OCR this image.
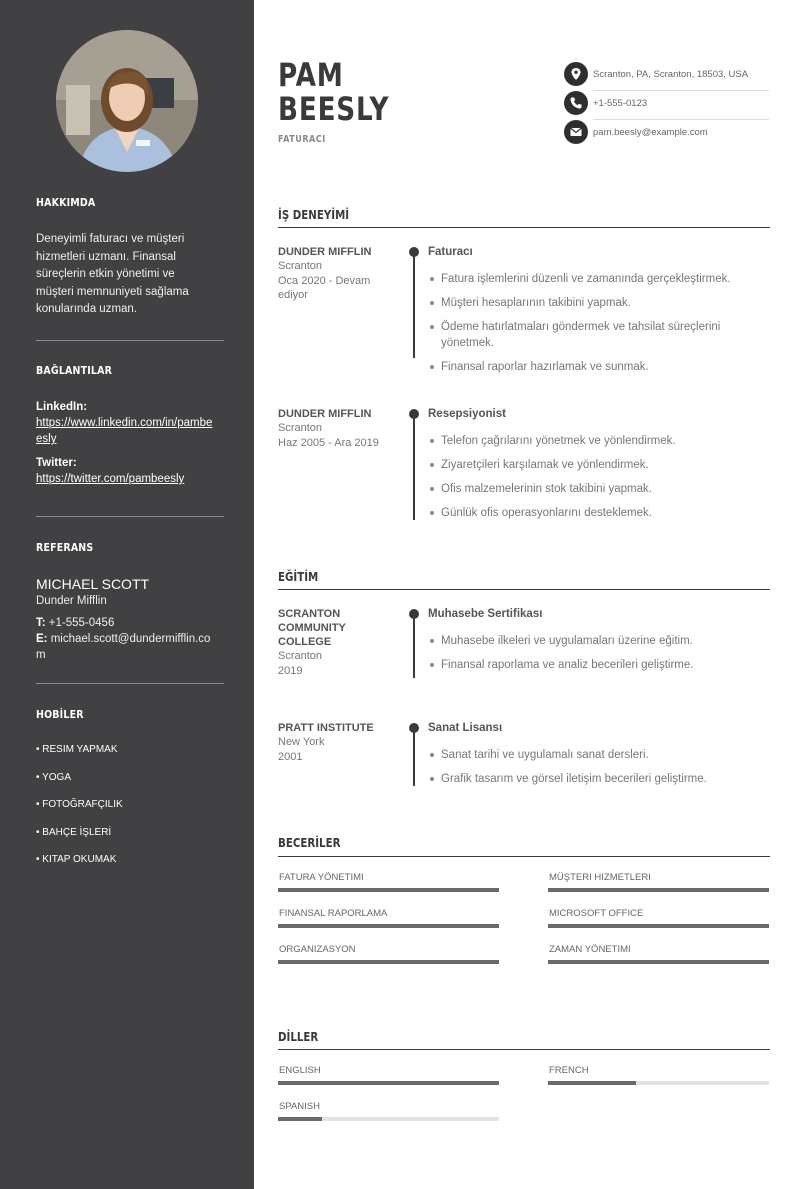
HAKKIMDA
Deneyimli faturacı ve müşteri hizmetleri uzmanı. Finansal süreçlerin etkin yönetimi ve müşteri memnuniyeti sağlama konularında uzman.
BAĞLANTILAR
LinkedIn:
https://www.linkedin.com/in/pambeesly
Twitter:
https://twitter.com/pambeesly
REFERANS
MICHAEL SCOTT
Dunder Mifflin
T: +1-555-0456
E: michael.scott@dundermifflin.com
HOBİLER
• RESIM YAPMAK
• YOGA
• FOTOĞRAFÇILIK
• BAHÇE İŞLERİ
• KITAP OKUMAK
PAM
BEESLY
FATURACI
Scranton, PA, Scranton, 18503, USA
+1-555-0123
pam.beesly@example.com
İŞ DENEYİMİ
DUNDER MIFFLIN
Scranton
Oca 2020 - Devam ediyor
Faturacı
Fatura işlemlerini düzenli ve zamanında gerçekleştirmek.
Müşteri hesaplarının takibini yapmak.
Ödeme hatırlatmaları göndermek ve tahsilat süreçlerini yönetmek.
Finansal raporlar hazırlamak ve sunmak.
DUNDER MIFFLIN
Scranton
Haz 2005 - Ara 2019
Resepsiyonist
Telefon çağrılarını yönetmek ve yönlendirmek.
Ziyaretçileri karşılamak ve yönlendirmek.
Ofis malzemelerinin stok takibini yapmak.
Günlük ofis operasyonlarını desteklemek.
EĞİTİM
SCRANTON COMMUNITY COLLEGE
Scranton
2019
Muhasebe Sertifikası
Muhasebe ilkeleri ve uygulamaları üzerine eğitim.
Finansal raporlama ve analiz becerileri geliştirme.
PRATT INSTITUTE
New York
2001
Sanat Lisansı
Sanat tarihi ve uygulamalı sanat dersleri.
Grafik tasarım ve görsel iletişim becerileri geliştirme.
BECERİLER
FATURA YÖNETIMI	MÜŞTERI HIZMETLERI
FINANSAL RAPORLAMA	MICROSOFT OFFICE
ORGANIZASYON	ZAMAN YÖNETIMI
DİLLER
ENGLISH	FRENCH
SPANISH
